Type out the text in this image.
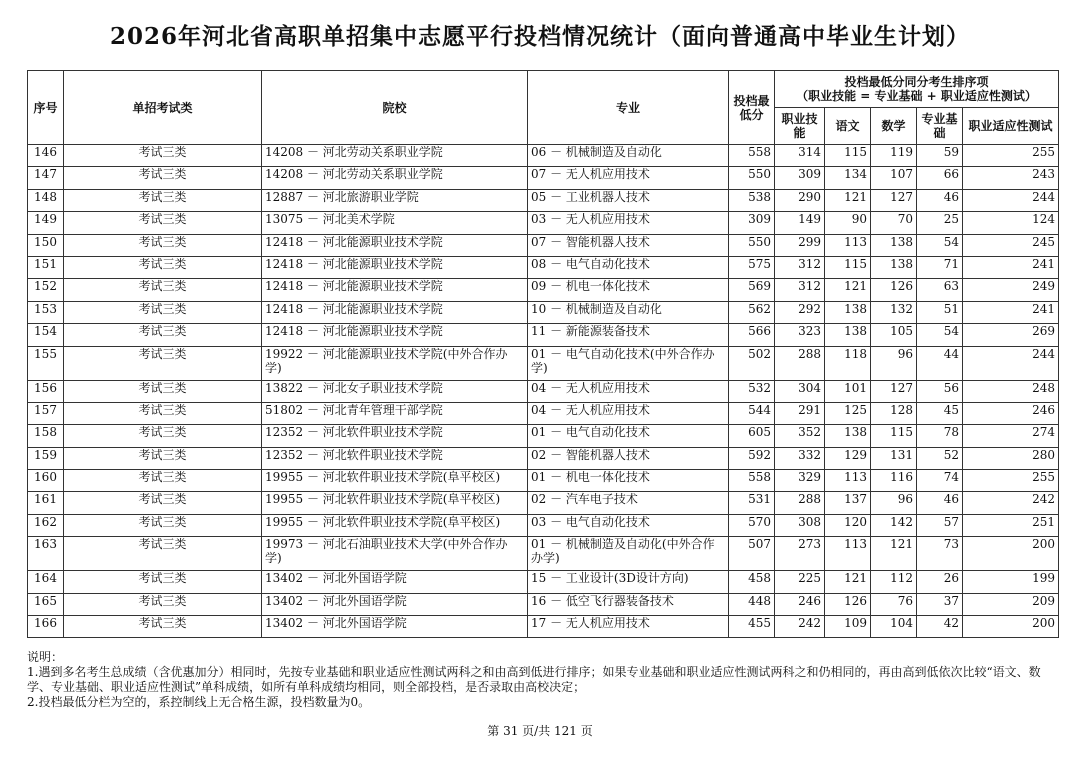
2026年河北省高职单招集中志愿平行投档情况统计（面向普通高中毕业生计划）
序号	单招考试类	院校	专业	投档最低分	投档最低分同分考生排序项
（职业技能 = 专业基础 + 职业适应性测试）				

					职业技能	语文	数学	专业基础	职业适应性测试
146	考试三类	14208 － 河北劳动关系职业学院	06 － 机械制造及自动化	558	314	115	119	59	255
147	考试三类	14208 － 河北劳动关系职业学院	07 － 无人机应用技术	550	309	134	107	66	243
148	考试三类	12887 － 河北旅游职业学院	05 － 工业机器人技术	538	290	121	127	46	244
149	考试三类	13075 － 河北美术学院	03 － 无人机应用技术	309	149	90	70	25	124
150	考试三类	12418 － 河北能源职业技术学院	07 － 智能机器人技术	550	299	113	138	54	245
151	考试三类	12418 － 河北能源职业技术学院	08 － 电气自动化技术	575	312	115	138	71	241
152	考试三类	12418 － 河北能源职业技术学院	09 － 机电一体化技术	569	312	121	126	63	249
153	考试三类	12418 － 河北能源职业技术学院	10 － 机械制造及自动化	562	292	138	132	51	241
154	考试三类	12418 － 河北能源职业技术学院	11 － 新能源装备技术	566	323	138	105	54	269
155	考试三类	19922 － 河北能源职业技术学院(中外合作办学)	01 － 电气自动化技术(中外合作办学)	502	288	118	96	44	244
156	考试三类	13822 － 河北女子职业技术学院	04 － 无人机应用技术	532	304	101	127	56	248
157	考试三类	51802 － 河北青年管理干部学院	04 － 无人机应用技术	544	291	125	128	45	246
158	考试三类	12352 － 河北软件职业技术学院	01 － 电气自动化技术	605	352	138	115	78	274
159	考试三类	12352 － 河北软件职业技术学院	02 － 智能机器人技术	592	332	129	131	52	280
160	考试三类	19955 － 河北软件职业技术学院(阜平校区)	01 － 机电一体化技术	558	329	113	116	74	255
161	考试三类	19955 － 河北软件职业技术学院(阜平校区)	02 － 汽车电子技术	531	288	137	96	46	242
162	考试三类	19955 － 河北软件职业技术学院(阜平校区)	03 － 电气自动化技术	570	308	120	142	57	251
163	考试三类	19973 － 河北石油职业技术大学(中外合作办学)	01 － 机械制造及自动化(中外合作办学)	507	273	113	121	73	200
164	考试三类	13402 － 河北外国语学院	15 － 工业设计(3D设计方向)	458	225	121	112	26	199
165	考试三类	13402 － 河北外国语学院	16 － 低空飞行器装备技术	448	246	126	76	37	209
166	考试三类	13402 － 河北外国语学院	17 － 无人机应用技术	455	242	109	104	42	200
说明：
1.遇到多名考生总成绩（含优惠加分）相同时，先按专业基础和职业适应性测试两科之和由高到低进行排序；如果专业基础和职业适应性测试两科之和仍相同的，再由高到低依次比较“语文、数学、专业基础、职业适应性测试”单科成绩，如所有单科成绩均相同，则全部投档，是否录取由高校决定；
2.投档最低分栏为空的，系控制线上无合格生源，投档数量为0。
第 31 页/共 121 页
